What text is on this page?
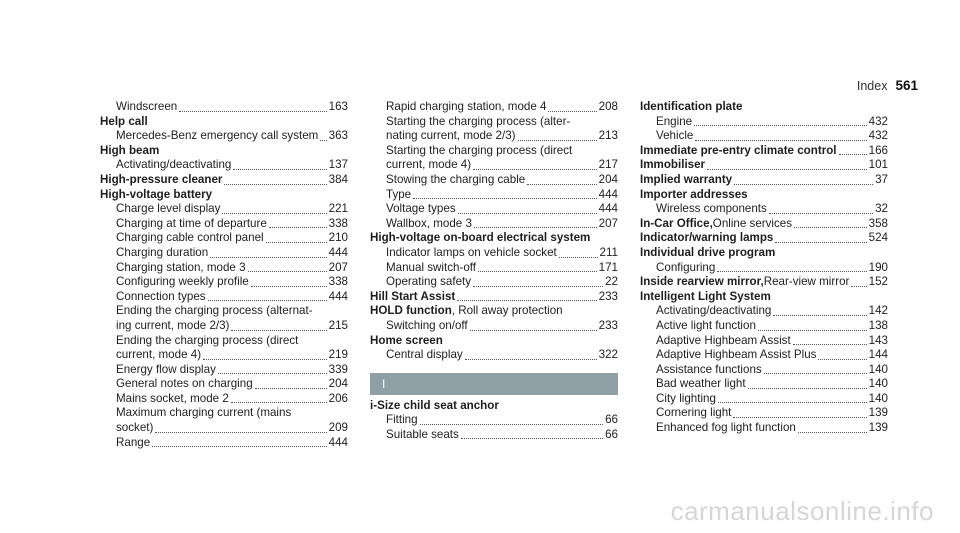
Index 561
Windscreen	163
Help call
Mercedes-Benz emergency call system 363
High beam
Activating/deactivating	137
High-pressure cleaner	384
High-voltage battery
Charge level display	221
Charging at time of departure	338
Charging cable control panel	210
Charging duration	444
Charging station, mode 3	207
Configuring weekly profile	338
Connection types	444
Ending the charging process (alternat-
ing current, mode 2/3)	215
Ending the charging process (direct
current, mode 4)	219
Energy flow display	339
General notes on charging	204
Mains socket, mode 2	206
Maximum charging current (mains
socket)	209
Range	444
Rapid charging station, mode 4	208
Starting the charging process (alter-
nating current, mode 2/3)	213
Starting the charging process (direct
current, mode 4)	217
Stowing the charging cable	204
Type	444
Voltage types	444
Wallbox, mode 3	207
High-voltage on-board electrical system
Indicator lamps on vehicle socket	211
Manual switch-off	171
Operating safety	22
Hill Start Assist	233
HOLD function , Roll away protection
Switching on/off	233
Home screen
Central display	322
I
i-Size child seat anchor
Fitting	66
Suitable seats	66
Identification plate
Engine	432
Vehicle	432
Immediate pre-entry climate control	166
Immobiliser	101
Implied warranty	37
Importer addresses
Wireless components	32
In-Car Office, Online services	358
Indicator/warning lamps	524
Individual drive program
Configuring	190
Inside rearview mirror, Rear-view mirror 152
Intelligent Light System
Activating/deactivating	142
Active light function	138
Adaptive Highbeam Assist	143
Adaptive Highbeam Assist Plus	144
Assistance functions	140
Bad weather light	140
City lighting	140
Cornering light	139
Enhanced fog light function	139
carmanualsonline.info
